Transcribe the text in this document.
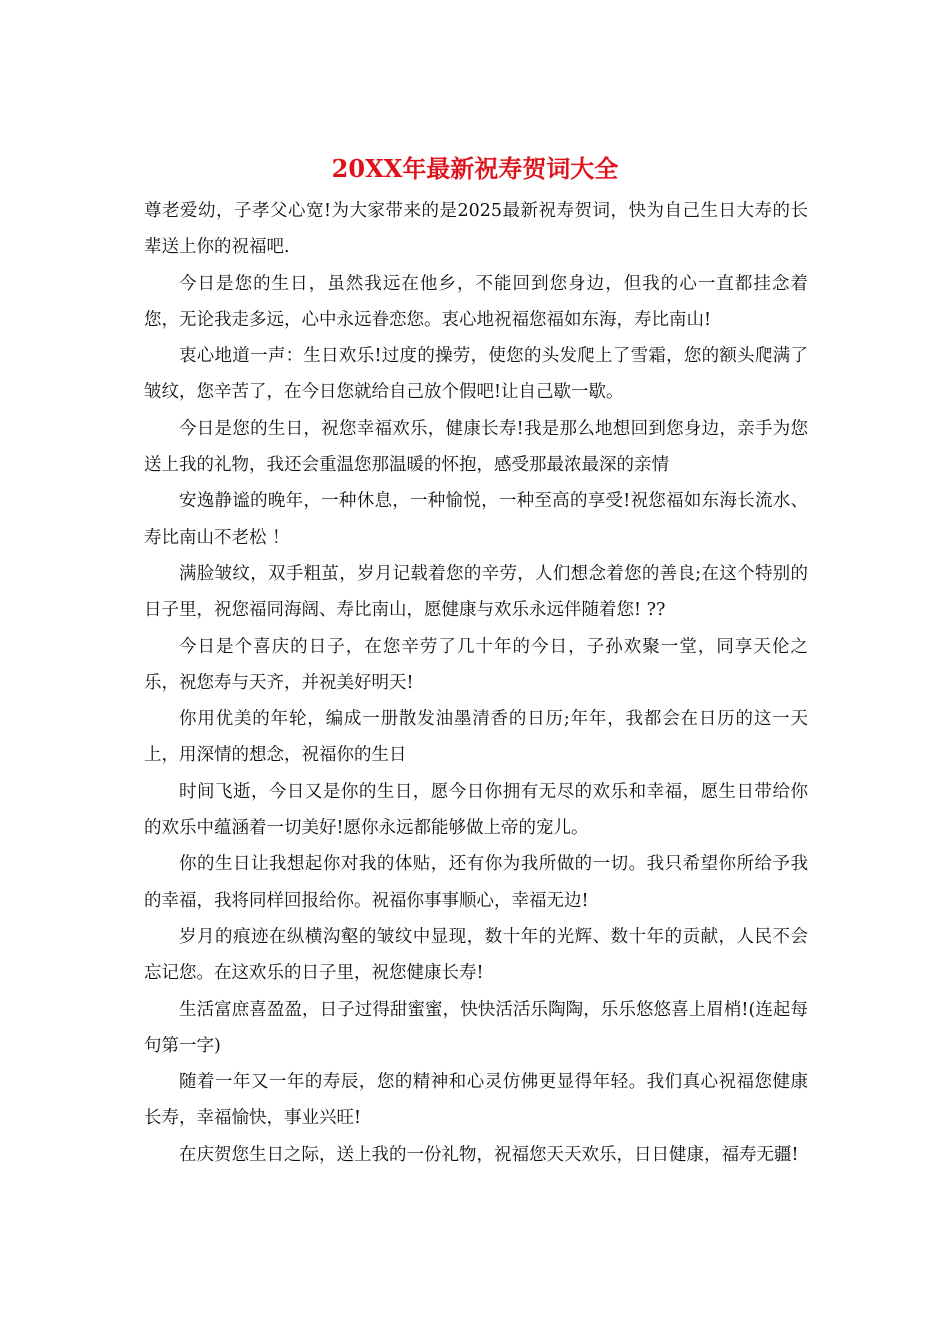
20XX年最新祝寿贺词大全

尊老爱幼，子孝父心宽!为大家带来的是2025最新祝寿贺词，快为自己生日大寿的长辈送上你的祝福吧.

今日是您的生日，虽然我远在他乡，不能回到您身边，但我的心一直都挂念着您，无论我走多远，心中永远眷恋您。衷心地祝福您福如东海，寿比南山!

衷心地道一声：生日欢乐!过度的操劳，使您的头发爬上了雪霜，您的额头爬满了皱纹，您辛苦了，在今日您就给自己放个假吧!让自己歇一歇。

今日是您的生日，祝您幸福欢乐，健康长寿!我是那么地想回到您身边，亲手为您送上我的礼物，我还会重温您那温暖的怀抱，感受那最浓最深的亲情

安逸静谧的晚年，一种休息，一种愉悦，一种至高的享受!祝您福如东海长流水、寿比南山不老松 ！

满脸皱纹，双手粗茧，岁月记载着您的辛劳，人们想念着您的善良;在这个特别的日子里，祝您福同海阔、寿比南山，愿健康与欢乐永远伴随着您! ??

今日是个喜庆的日子，在您辛劳了几十年的今日，子孙欢聚一堂，同享天伦之乐，祝您寿与天齐，并祝美好明天!

你用优美的年轮，编成一册散发油墨清香的日历;年年，我都会在日历的这一天上，用深情的想念，祝福你的生日

时间飞逝，今日又是你的生日，愿今日你拥有无尽的欢乐和幸福，愿生日带给你的欢乐中蕴涵着一切美好!愿你永远都能够做上帝的宠儿。

你的生日让我想起你对我的体贴，还有你为我所做的一切。我只希望你所给予我的幸福，我将同样回报给你。祝福你事事顺心，幸福无边!

岁月的痕迹在纵横沟壑的皱纹中显现，数十年的光辉、数十年的贡献，人民不会忘记您。在这欢乐的日子里，祝您健康长寿!

生活富庶喜盈盈，日子过得甜蜜蜜，快快活活乐陶陶，乐乐悠悠喜上眉梢!(连起每句第一字)

随着一年又一年的寿辰，您的精神和心灵仿佛更显得年轻。我们真心祝福您健康长寿，幸福愉快，事业兴旺!

在庆贺您生日之际，送上我的一份礼物，祝福您天天欢乐，日日健康，福寿无疆!
